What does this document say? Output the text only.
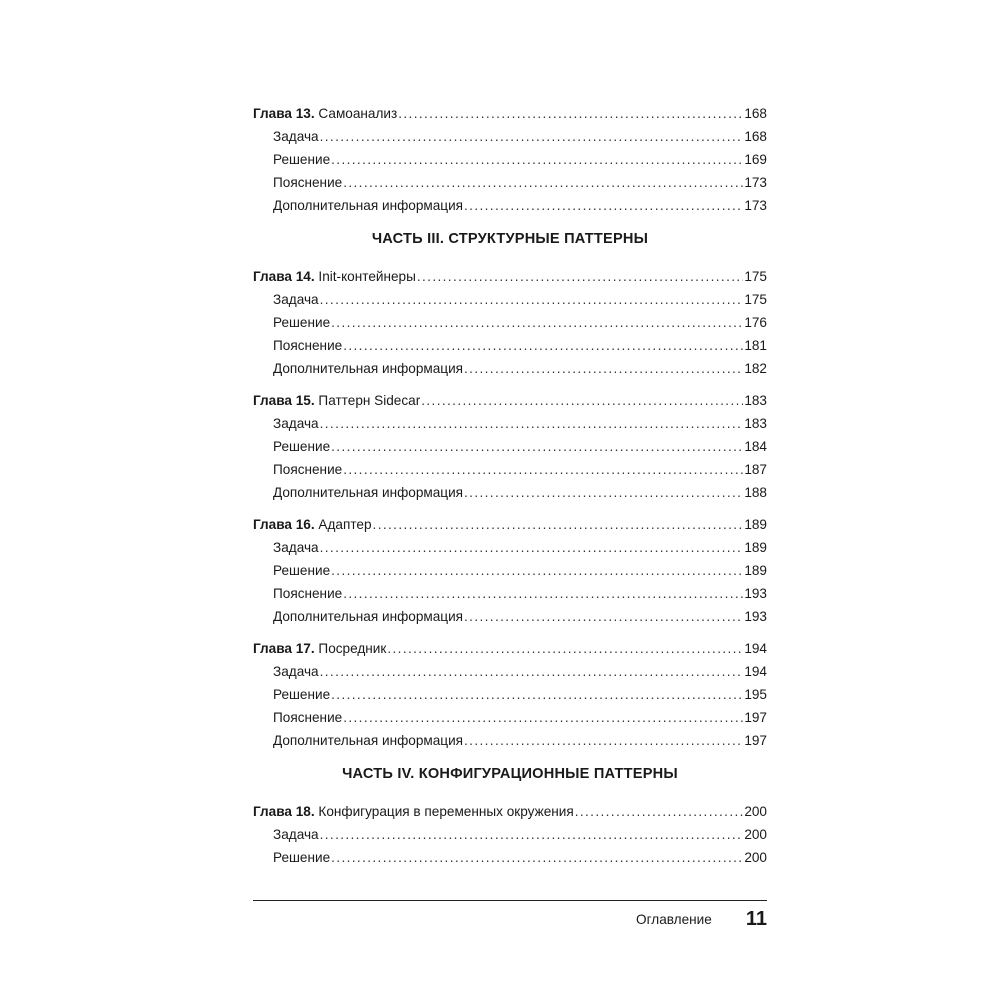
Глава 13. Самоанализ . . .	168
Задача . . .	168
Решение . . .	169
Пояснение . . .	173
Дополнительная информация . . .	173
ЧАСТЬ III. СТРУКТУРНЫЕ ПАТТЕРНЫ
Глава 14. Init-контейнеры . . .	175
Задача . . .	175
Решение . . .	176
Пояснение . . .	181
Дополнительная информация . . .	182
Глава 15. Паттерн Sidecar . . .	183
Задача . . .	183
Решение . . .	184
Пояснение . . .	187
Дополнительная информация . . .	188
Глава 16. Адаптер . . .	189
Задача . . .	189
Решение . . .	189
Пояснение . . .	193
Дополнительная информация . . .	193
Глава 17. Посредник . . .	194
Задача . . .	194
Решение . . .	195
Пояснение . . .	197
Дополнительная информация . . .	197
ЧАСТЬ IV. КОНФИГУРАЦИОННЫЕ ПАТТЕРНЫ
Глава 18. Конфигурация в переменных окружения . . .	200
Задача . . .	200
Решение . . .	200
Оглавление 11
